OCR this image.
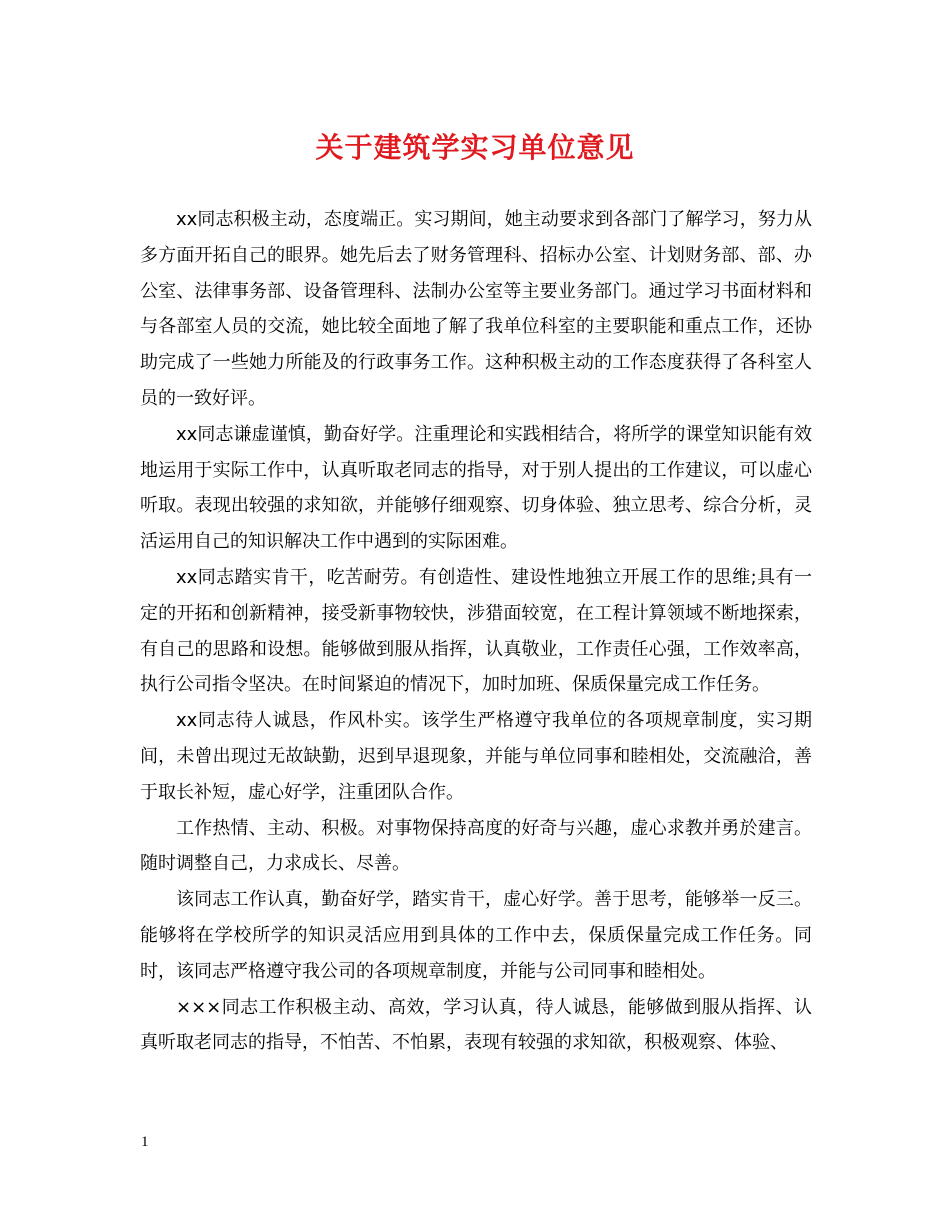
关于建筑学实习单位意见

xx同志积极主动，态度端正。实习期间，她主动要求到各部门了解学习，努力从多方面开拓自己的眼界。她先后去了财务管理科、招标办公室、计划财务部、部、办公室、法律事务部、设备管理科、法制办公室等主要业务部门。通过学习书面材料和与各部室人员的交流，她比较全面地了解了我单位科室的主要职能和重点工作，还协助完成了一些她力所能及的行政事务工作。这种积极主动的工作态度获得了各科室人员的一致好评。

xx同志谦虚谨慎，勤奋好学。注重理论和实践相结合，将所学的课堂知识能有效地运用于实际工作中，认真听取老同志的指导，对于别人提出的工作建议，可以虚心听取。表现出较强的求知欲，并能够仔细观察、切身体验、独立思考、综合分析，灵活运用自己的知识解决工作中遇到的实际困难。

xx同志踏实肯干，吃苦耐劳。有创造性、建设性地独立开展工作的思维;具有一定的开拓和创新精神，接受新事物较快，涉猎面较宽，在工程计算领域不断地探索，有自己的思路和设想。能够做到服从指挥，认真敬业，工作责任心强，工作效率高，执行公司指令坚决。在时间紧迫的情况下，加时加班、保质保量完成工作任务。

xx同志待人诚恳，作风朴实。该学生严格遵守我单位的各项规章制度，实习期间，未曾出现过无故缺勤，迟到早退现象，并能与单位同事和睦相处，交流融洽，善于取长补短，虚心好学，注重团队合作。

工作热情、主动、积极。对事物保持高度的好奇与兴趣，虚心求教并勇於建言。随时调整自己，力求成长、尽善。

该同志工作认真，勤奋好学，踏实肯干，虚心好学。善于思考，能够举一反三。能够将在学校所学的知识灵活应用到具体的工作中去，保质保量完成工作任务。同时，该同志严格遵守我公司的各项规章制度，并能与公司同事和睦相处。

×××同志工作积极主动、高效，学习认真，待人诚恳，能够做到服从指挥、认真听取老同志的指导，不怕苦、不怕累，表现有较强的求知欲，积极观察、体验、

1
